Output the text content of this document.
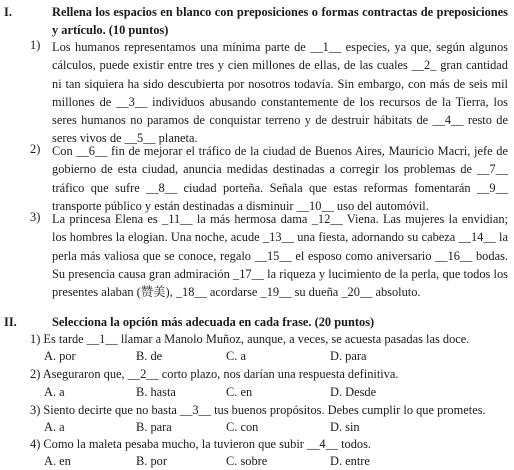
I.	Rellena los espacios en blanco con preposiciones o formas contractas de preposiciones y artículo. (10 puntos)
1) Los humanos representamos una mínima parte de __1__ especies, ya que, según algunos cálculos, puede existir entre tres y cien millones de ellas, de las cuales __2_ gran cantidad ni tan siquiera ha sido descubierta por nosotros todavía. Sin embargo, con más de seis mil millones de __3__ individuos abusando constantemente de los recursos de la Tierra, los seres humanos no paramos de conquistar terreno y de destruir hábitats de __4__ resto de seres vivos de __5__ planeta.

2) Con __6__ fin de mejorar el tráfico de la ciudad de Buenos Aires, Mauricio Macri, jefe de gobierno de esta ciudad, anuncia medidas destinadas a corregir los problemas de __7__ tráfico que sufre __8__ ciudad porteña. Señala que estas reformas fomentarán __9__ transporte público y están destinadas a disminuir __10__ uso del automóvil.

3) La princesa Elena es _11__ la más hermosa dama _12__ Viena. Las mujeres la envidian; los hombres la elogian. Una noche, acude _13__ una fiesta, adornando su cabeza __14__ la perla más valiosa que se conoce, regalo __15__ el esposo como aniversario __16__ bodas. Su presencia causa gran admiración _17__ la riqueza y lucimiento de la perla, que todos los presentes alaban (赞美), _18__ acordarse _19__ su dueña _20__ absoluto.

II.	Selecciona la opción más adecuada en cada frase. (20 puntos)
1) Es tarde __1__ llamar a Manolo Muñoz, aunque, a veces, se acuesta pasadas las doce.
A. por	B. de	C. a	D. para
2) Aseguraron que, __2__ corto plazo, nos darían una respuesta definitiva.
A. a	B. hasta	C. en	D. Desde
3) Siento decirte que no basta __3__ tus buenos propósitos. Debes cumplir lo que prometes.
A. a	B. para	C. con	D. sin
4) Como la maleta pesaba mucho, la tuvieron que subir __4__ todos.
A. en	B. por	C. sobre	D. entre
